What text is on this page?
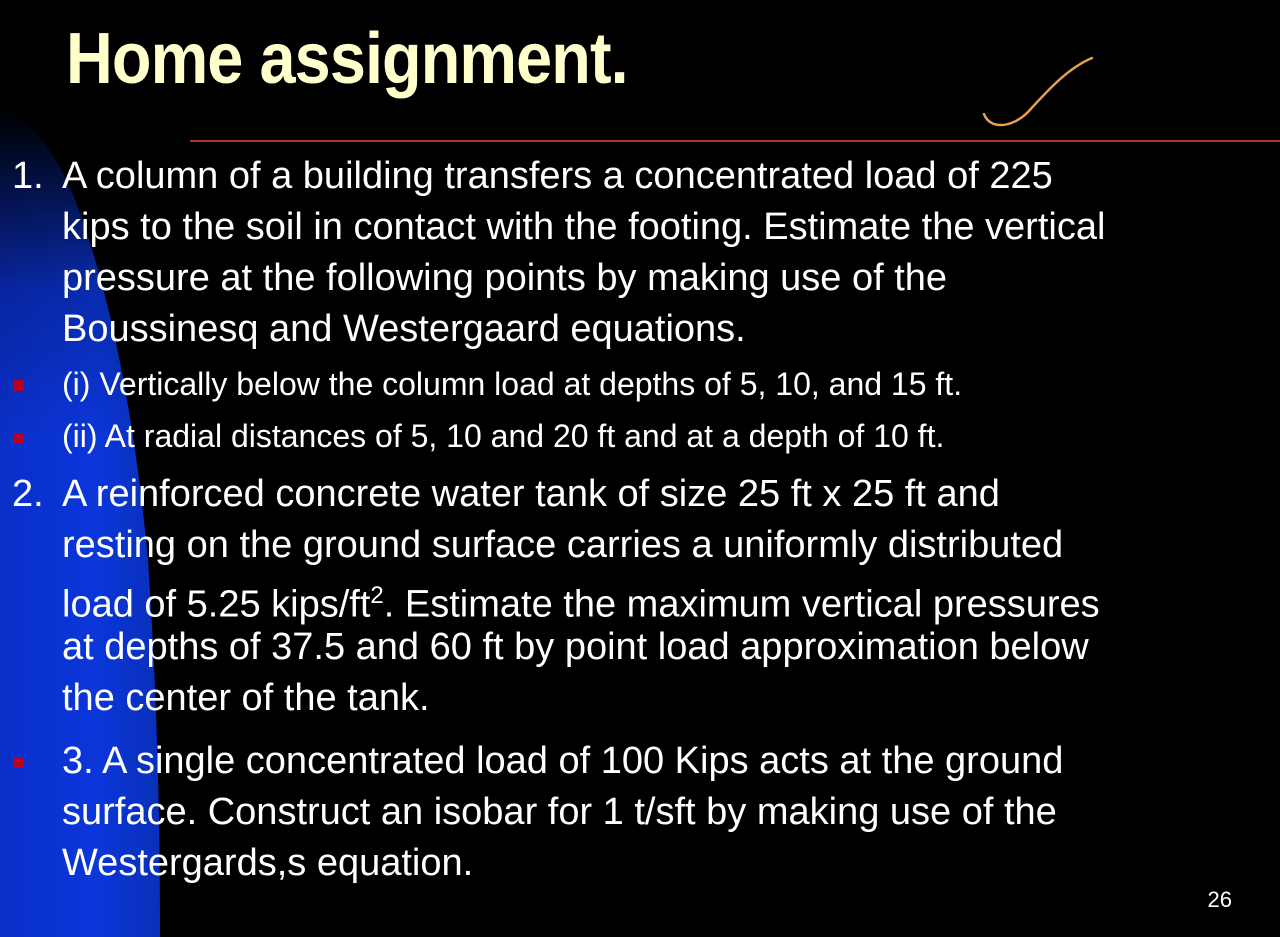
Home assignment.
1. A column of a building transfers a concentrated load of 225
kips to the soil in contact with the footing. Estimate the vertical
pressure at the following points by making use of the
Boussinesq and Westergaard equations.
(i) Vertically below the column load at depths of 5, 10, and 15 ft.
(ii) At radial distances of 5, 10 and 20 ft and at a depth of 10 ft.
2. A reinforced concrete water tank of size 25 ft x 25 ft and
resting on the ground surface carries a uniformly distributed
load of 5.25 kips/$ft^2$. Estimate the maximum vertical pressures
at depths of 37.5 and 60 ft by point load approximation below
the center of the tank.
3. A single concentrated load of 100 Kips acts at the ground
surface. Construct an isobar for 1 t/sft by making use of the
Westergards,s equation.
26
